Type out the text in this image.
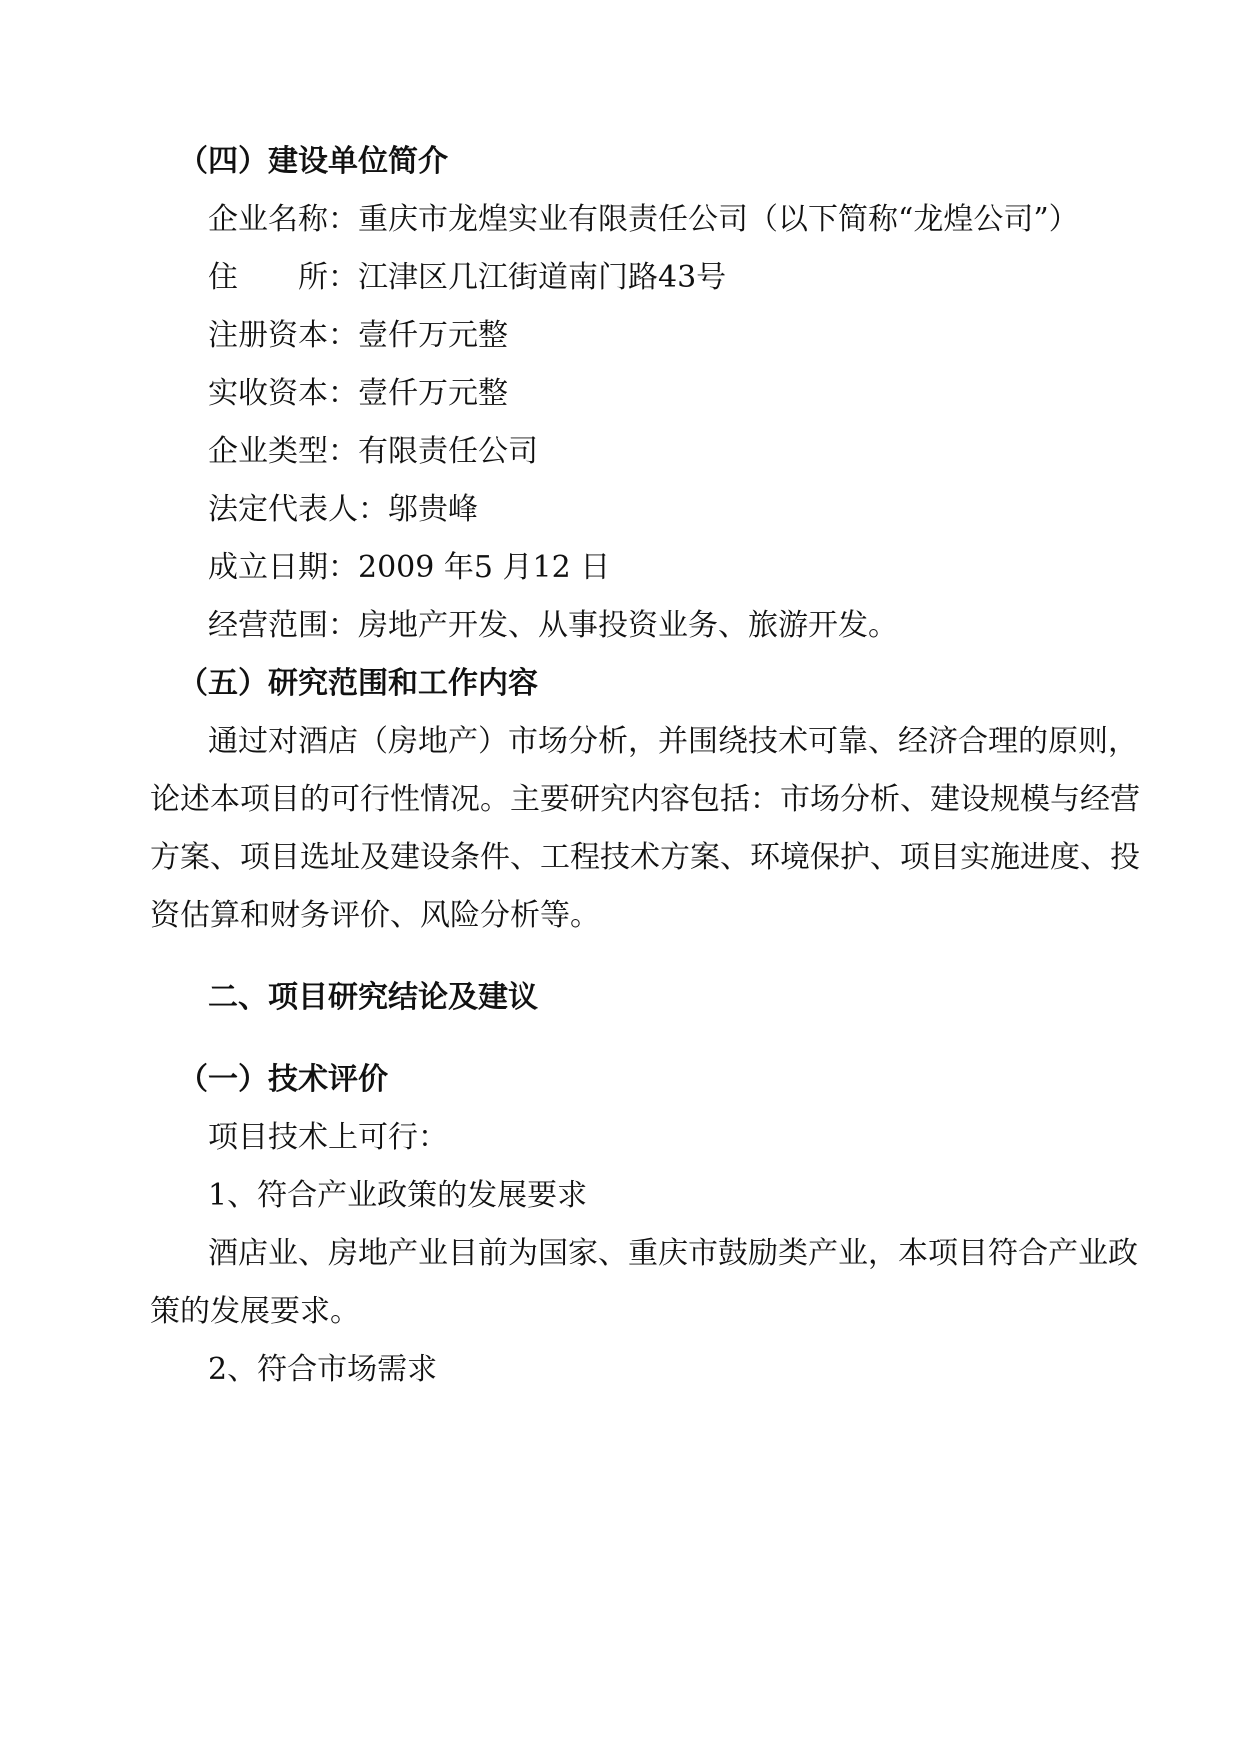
（四）建设单位简介
企业名称：重庆市龙煌实业有限责任公司（以下简称“龙煌公司”）
住　　所：江津区几江街道南门路43号
注册资本：壹仟万元整
实收资本：壹仟万元整
企业类型：有限责任公司
法定代表人：邬贵峰
成立日期：2009 年5 月12 日
经营范围：房地产开发、从事投资业务、旅游开发。
（五）研究范围和工作内容
通过对酒店（房地产）市场分析，并围绕技术可靠、经济合理的原则，
论述本项目的可行性情况。主要研究内容包括：市场分析、建设规模与经营
方案、项目选址及建设条件、工程技术方案、环境保护、项目实施进度、投
资估算和财务评价、风险分析等。
二、项目研究结论及建议
（一）技术评价
项目技术上可行：
1、符合产业政策的发展要求
酒店业、房地产业目前为国家、重庆市鼓励类产业，本项目符合产业政
策的发展要求。
2、符合市场需求
